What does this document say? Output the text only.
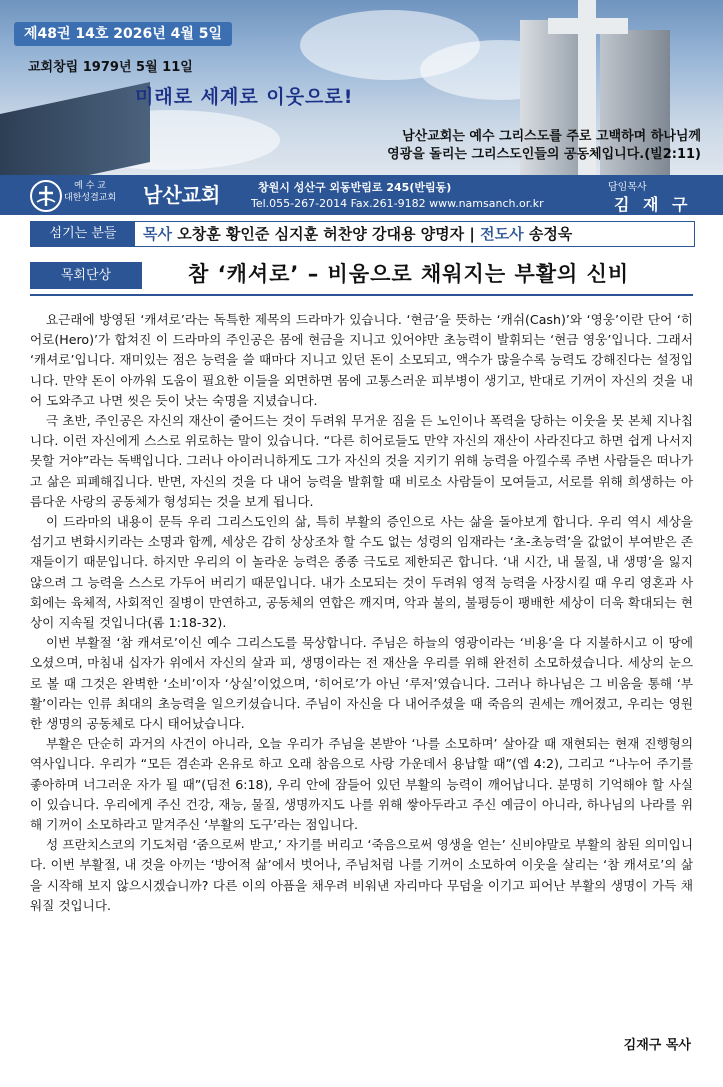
제48권 14호 2026년 4월 5일
교회창립 1979년 5월 11일
미래로 세계로 이웃으로!
남산교회는 예수 그리스도를 주로 고백하며 하나님께
영광을 돌리는 그리스도인들의 공동체입니다.(빌2:11)
예 수 교
대한성결교회 남산교회	창원시 성산구 외동반림로 245(반림동)
Tel.055-267-2014 Fax.261-9182 www.namsanch.or.kr
담임목사
김 재 구
섬기는 분들	목사 오창훈 황인준 심지훈 허찬양 강대용 양명자 | 전도사 송정욱
목회단상	참 ‘캐셔로’ – 비움으로 채워지는 부활의 신비

요근래에 방영된 ‘캐셔로’라는 독특한 제목의 드라마가 있습니다. ‘현금’을 뜻하는 ‘캐쉬(Cash)’와 ‘영웅’이란 단어 ‘히어로(Hero)’가 합쳐진 이 드라마의 주인공은 몸에 현금을 지니고 있어야만 초능력이 발휘되는 ‘현금 영웅’입니다. 그래서 ‘캐셔로’입니다. 재미있는 점은 능력을 쓸 때마다 지니고 있던 돈이 소모되고, 액수가 많을수록 능력도 강해진다는 설정입니다. 만약 돈이 아까워 도움이 필요한 이들을 외면하면 몸에 고통스러운 피부병이 생기고, 반대로 기꺼이 자신의 것을 내어 도와주고 나면 씻은 듯이 낫는 숙명을 지녔습니다.

극 초반, 주인공은 자신의 재산이 줄어드는 것이 두려워 무거운 짐을 든 노인이나 폭력을 당하는 이웃을 못 본체 지나칩니다. 이런 자신에게 스스로 위로하는 말이 있습니다. “다른 히어로들도 만약 자신의 재산이 사라진다고 하면 쉽게 나서지 못할 거야”라는 독백입니다. 그러나 아이러니하게도 그가 자신의 것을 지키기 위해 능력을 아낄수록 주변 사람들은 떠나가고 삶은 피폐해집니다. 반면, 자신의 것을 다 내어 능력을 발휘할 때 비로소 사람들이 모여들고, 서로를 위해 희생하는 아름다운 사랑의 공동체가 형성되는 것을 보게 됩니다.

이 드라마의 내용이 문득 우리 그리스도인의 삶, 특히 부활의 증인으로 사는 삶을 돌아보게 합니다. 우리 역시 세상을 섬기고 변화시키라는 소명과 함께, 세상은 감히 상상조차 할 수도 없는 성령의 임재라는 ‘초-초능력’을 값없이 부여받은 존재들이기 때문입니다. 하지만 우리의 이 놀라운 능력은 종종 극도로 제한되곤 합니다. ‘내 시간, 내 물질, 내 생명’을 잃지 않으려 그 능력을 스스로 가두어 버리기 때문입니다. 내가 소모되는 것이 두려워 영적 능력을 사장시킬 때 우리 영혼과 사회에는 육체적, 사회적인 질병이 만연하고, 공동체의 연합은 깨지며, 악과 불의, 불평등이 팽배한 세상이 더욱 확대되는 현상이 지속될 것입니다(롬 1:18-32).

이번 부활절 ‘참 캐셔로’이신 예수 그리스도를 묵상합니다. 주님은 하늘의 영광이라는 ‘비용’을 다 지불하시고 이 땅에 오셨으며, 마침내 십자가 위에서 자신의 살과 피, 생명이라는 전 재산을 우리를 위해 완전히 소모하셨습니다. 세상의 눈으로 볼 때 그것은 완벽한 ‘소비’이자 ‘상실’이었으며, ‘히어로’가 아닌 ‘루저’였습니다. 그러나 하나님은 그 비움을 통해 ‘부활’이라는 인류 최대의 초능력을 일으키셨습니다. 주님이 자신을 다 내어주셨을 때 죽음의 권세는 깨어졌고, 우리는 영원한 생명의 공동체로 다시 태어났습니다.

부활은 단순히 과거의 사건이 아니라, 오늘 우리가 주님을 본받아 ‘나를 소모하며’ 살아갈 때 재현되는 현재 진행형의 역사입니다. 우리가 “모든 겸손과 온유로 하고 오래 참음으로 사랑 가운데서 용납할 때”(엡 4:2), 그리고 “나누어 주기를 좋아하며 너그러운 자가 될 때”(딤전 6:18), 우리 안에 잠들어 있던 부활의 능력이 깨어납니다. 분명히 기억해야 할 사실이 있습니다. 우리에게 주신 건강, 재능, 물질, 생명까지도 나를 위해 쌓아두라고 주신 예금이 아니라, 하나님의 나라를 위해 기꺼이 소모하라고 맡겨주신 ‘부활의 도구’라는 점입니다.

성 프란치스코의 기도처럼 ‘줌으로써 받고,’ 자기를 버리고 ‘죽음으로써 영생을 얻는’ 신비야말로 부활의 참된 의미입니다. 이번 부활절, 내 것을 아끼는 ‘방어적 삶’에서 벗어나, 주님처럼 나를 기꺼이 소모하여 이웃을 살리는 ‘참 캐셔로’의 삶을 시작해 보지 않으시겠습니까? 다른 이의 아픔을 채우려 비워낸 자리마다 무덤을 이기고 피어난 부활의 생명이 가득 채워질 것입니다.

김재구 목사
